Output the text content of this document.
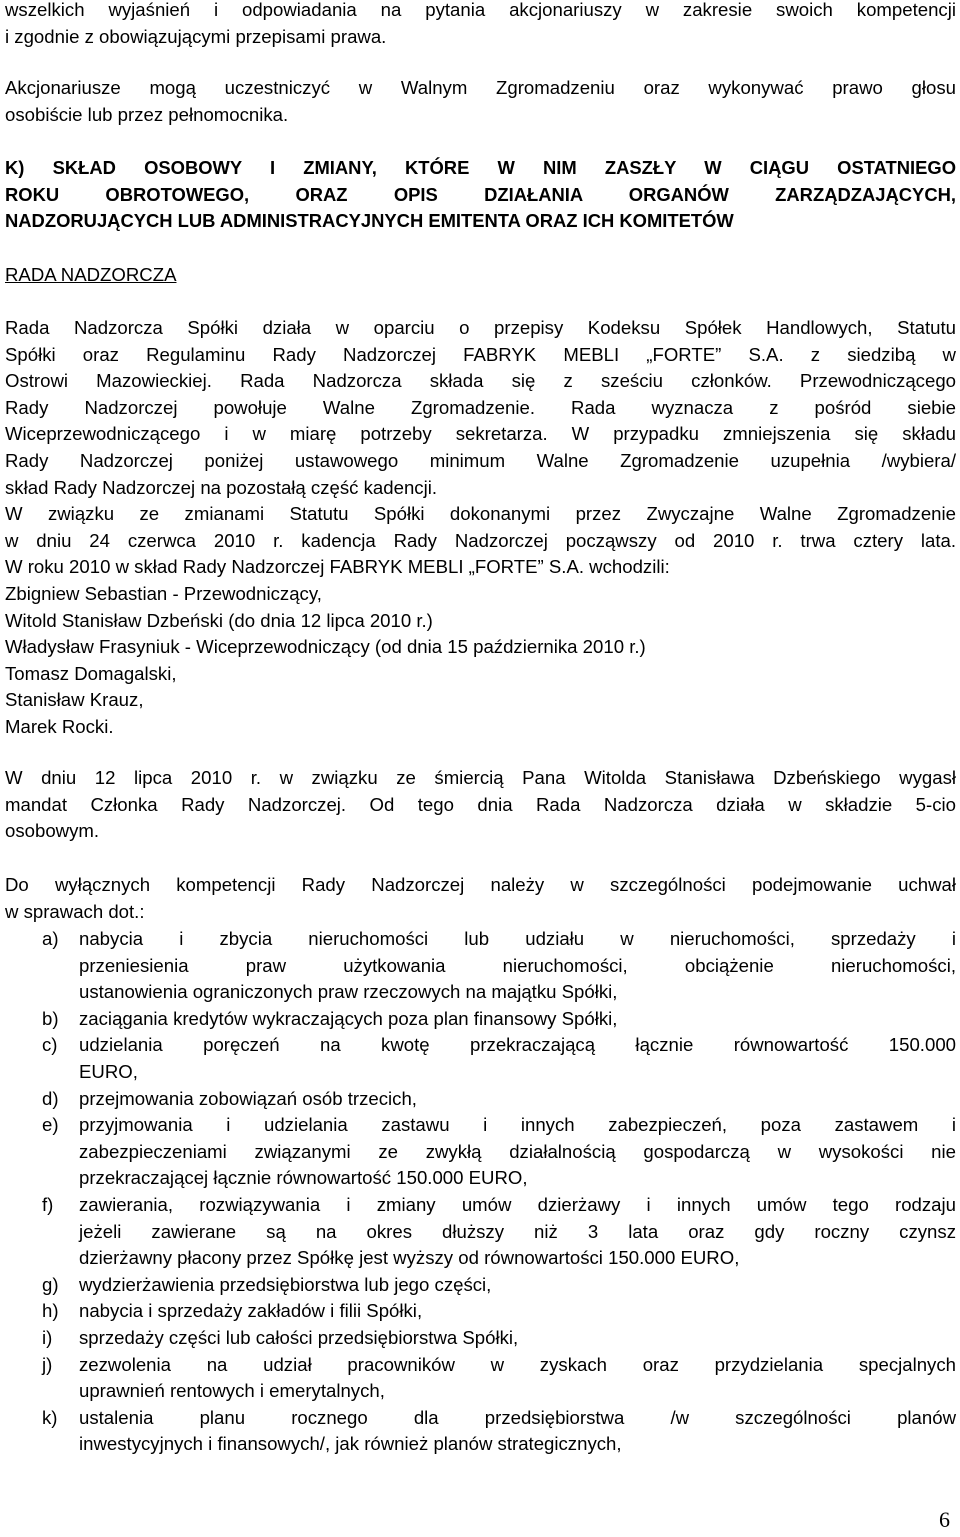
wszelkich wyjaśnień i odpowiadania na pytania akcjonariuszy w zakresie swoich kompetencji
i zgodnie z obowiązującymi przepisami prawa.

Akcjonariusze mogą uczestniczyć w Walnym Zgromadzeniu oraz wykonywać prawo głosu
osobiście lub przez pełnomocnika.

K) SKŁAD OSOBOWY I ZMIANY, KTÓRE W NIM ZASZŁY W CIĄGU OSTATNIEGO
ROKU OBROTOWEGO, ORAZ OPIS DZIAŁANIA ORGANÓW ZARZĄDZAJĄCYCH,
NADZORUJĄCYCH LUB ADMINISTRACYJNYCH EMITENTA ORAZ ICH KOMITETÓW

RADA NADZORCZA

Rada Nadzorcza Spółki działa w oparciu o przepisy Kodeksu Spółek Handlowych, Statutu
Spółki oraz Regulaminu Rady Nadzorczej FABRYK MEBLI „FORTE” S.A. z siedzibą w
Ostrowi Mazowieckiej. Rada Nadzorcza składa się z sześciu członków. Przewodniczącego
Rady Nadzorczej powołuje Walne Zgromadzenie. Rada wyznacza z pośród siebie
Wiceprzewodniczącego i w miarę potrzeby sekretarza. W przypadku zmniejszenia się składu
Rady Nadzorczej poniżej ustawowego minimum Walne Zgromadzenie uzupełnia /wybiera/
skład Rady Nadzorczej na pozostałą część kadencji.
W związku ze zmianami Statutu Spółki dokonanymi przez Zwyczajne Walne Zgromadzenie
w dniu 24 czerwca 2010 r. kadencja Rady Nadzorczej począwszy od 2010 r. trwa cztery lata.
W roku 2010 w skład Rady Nadzorczej FABRYK MEBLI „FORTE” S.A. wchodzili:
Zbigniew Sebastian - Przewodniczący,
Witold Stanisław Dzbeński (do dnia 12 lipca 2010 r.)
Władysław Frasyniuk - Wiceprzewodniczący (od dnia 15 października 2010 r.)
Tomasz Domagalski,
Stanisław Krauz,
Marek Rocki.

W dniu 12 lipca 2010 r. w związku ze śmiercią Pana Witolda Stanisława Dzbeńskiego wygasł
mandat Członka Rady Nadzorczej. Od tego dnia Rada Nadzorcza działa w składzie 5-cio
osobowym.

Do wyłącznych kompetencji Rady Nadzorczej należy w szczególności podejmowanie uchwał
w sprawach dot.:

a) nabycia i zbycia nieruchomości lub udziału w nieruchomości, sprzedaży i
przeniesienia praw użytkowania nieruchomości, obciążenie nieruchomości,
ustanowienia ograniczonych praw rzeczowych na majątku Spółki,
b) zaciągania kredytów wykraczających poza plan finansowy Spółki,
c) udzielania poręczeń na kwotę przekraczającą łącznie równowartość 150.000
EURO,
d) przejmowania zobowiązań osób trzecich,
e) przyjmowania i udzielania zastawu i innych zabezpieczeń, poza zastawem i
zabezpieczeniami związanymi ze zwykłą działalnością gospodarczą w wysokości nie
przekraczającej łącznie równowartość 150.000 EURO,
f) zawierania, rozwiązywania i zmiany umów dzierżawy i innych umów tego rodzaju
jeżeli zawierane są na okres dłuższy niż 3 lata oraz gdy roczny czynsz
dzierżawny płacony przez Spółkę jest wyższy od równowartości 150.000 EURO,
g) wydzierżawienia przedsiębiorstwa lub jego części,
h) nabycia i sprzedaży zakładów i filii Spółki,
i) sprzedaży części lub całości przedsiębiorstwa Spółki,
j) zezwolenia na udział pracowników w zyskach oraz przydzielania specjalnych
uprawnień rentowych i emerytalnych,
k) ustalenia planu rocznego dla przedsiębiorstwa /w szczególności planów
inwestycyjnych i finansowych/, jak również planów strategicznych,
6
